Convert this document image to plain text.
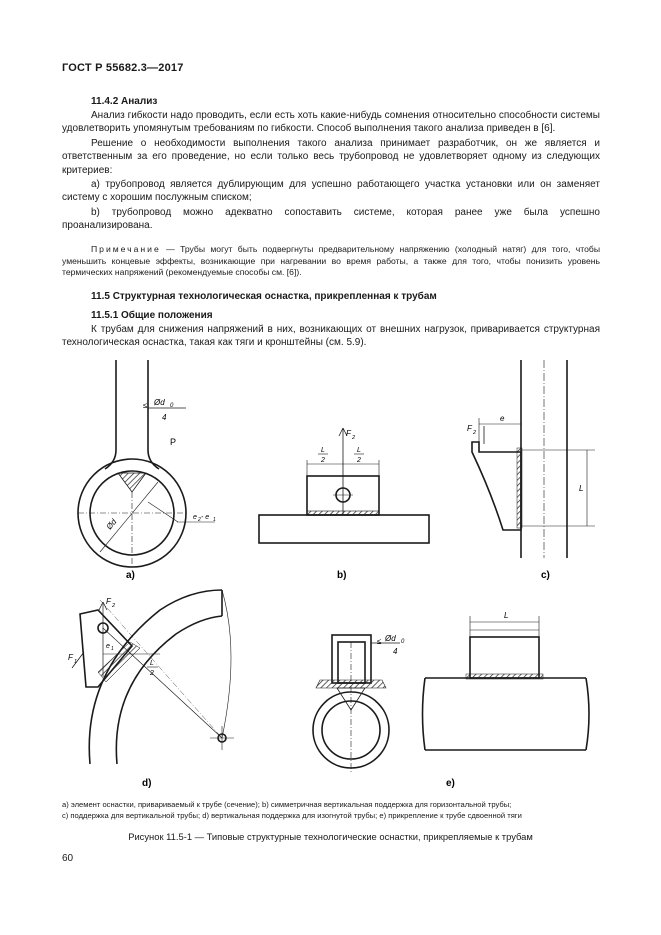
ГОСТ Р 55682.3—2017
11.4.2 Анализ

Анализ гибкости надо проводить, если есть хоть какие-нибудь сомнения относительно способности системы удовлетворить упомянутым требованиям по гибкости. Способ выполнения такого анализа приведен в [6].

Решение о необходимости выполнения такого анализа принимает разработчик, он же является и ответственным за его проведение, но если только весь трубопровод не удовлетворяет одному из следующих критериев:

a) трубопровод является дублирующим для успешно работающего участка установки или он заменяет систему с хорошим послужным списком;

b) трубопровод можно адекватно сопоставить системе, которая ранее уже была успешно проанализирована.

Примечание — Трубы могут быть подвергнуты предварительному напряжению (холодный натяг) для того, чтобы уменьшить концевые эффекты, возникающие при нагревании во время работы, а также для того, чтобы понизить уровень термических напряжений (рекомендуемые способы см. [6]).
11.5 Структурная технологическая оснастка, прикрепленная к трубам
11.5.1 Общие положения

К трубам для снижения напряжений в них, возникающих от внешних нагрузок, приваривается структурная технологическая оснастка, такая как тяги и кронштейны (см. 5.9).

≤ Ød 0
4
P
Ød	e 2 - e 1
a)
F 2
L
2
L
2
b)
e
F 2
L
c)
F 2
e 1
F 1	L
2
d)
≤ Ød 0
4
L
e)
a) элемент оснастки, привариваемый к трубе (сечение); b) симметричная вертикальная поддержка для горизонтальной трубы;
c) поддержка для вертикальной трубы; d) вертикальная поддержка для изогнутой трубы; e) прикрепление к трубе сдвоенной тяги
Рисунок 11.5-1 — Типовые структурные технологические оснастки, прикрепляемые к трубам
60
